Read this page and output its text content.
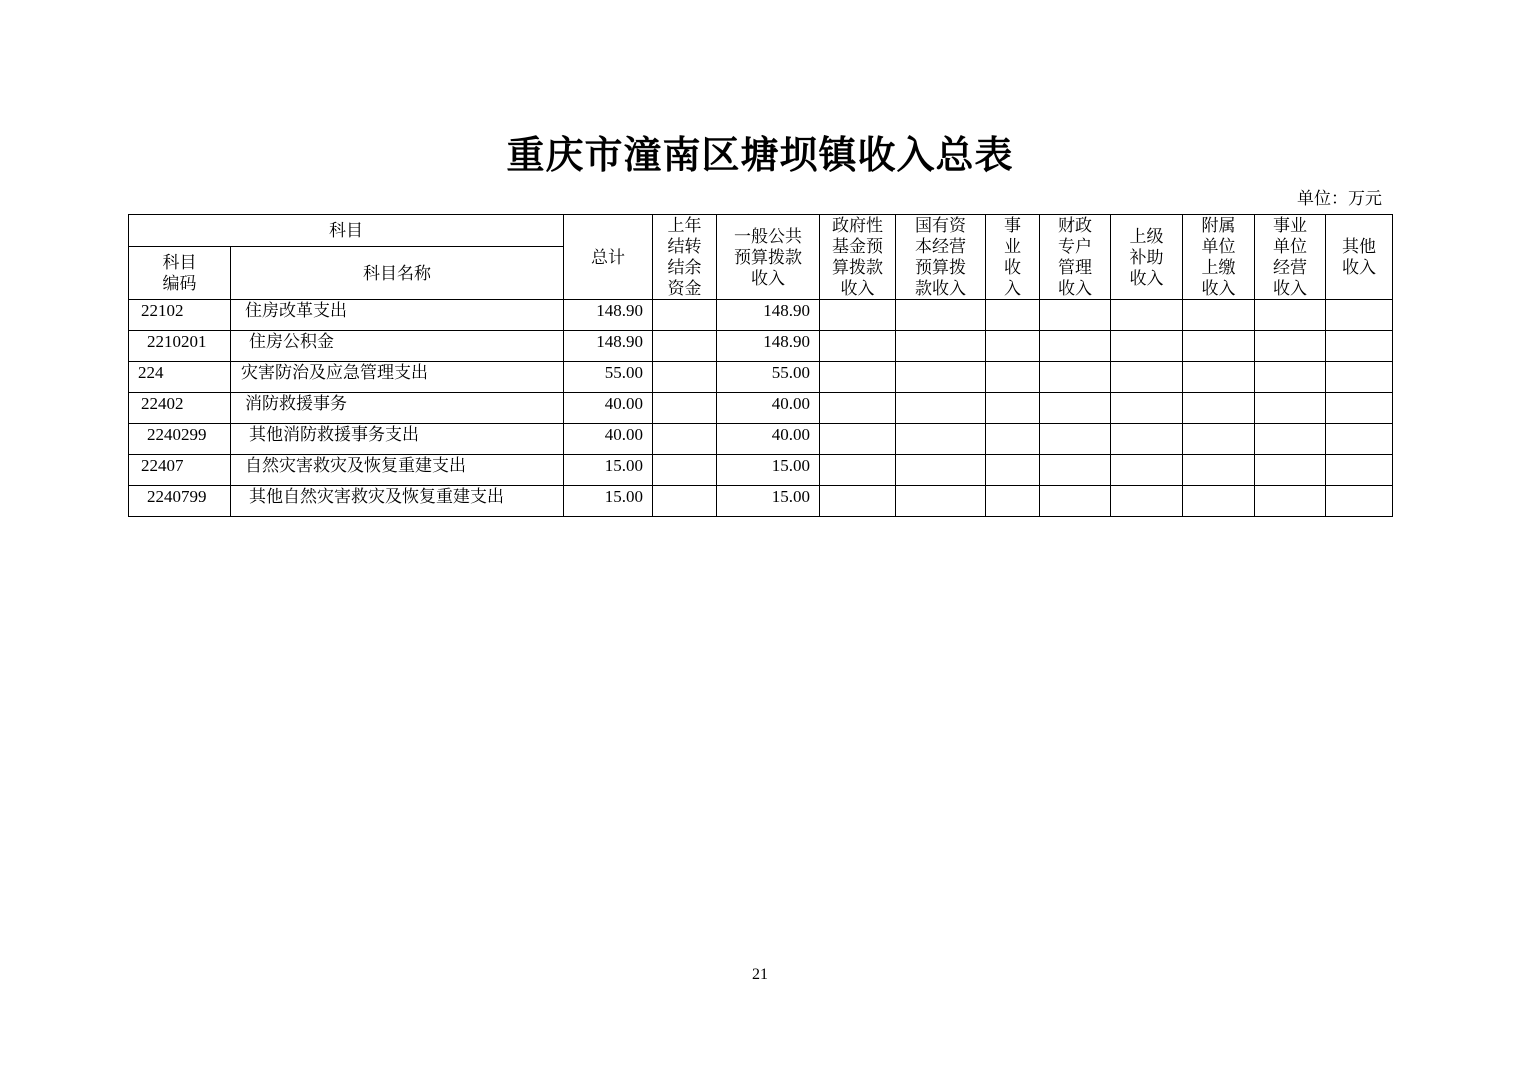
重庆市潼南区塘坝镇收入总表
单位：万元
科目		总计	上年
结转
结余
资金	一般公共
预算拨款
收入	政府性
基金预
算拨款
收入	国有资
本经营
预算拨
款收入	事
业
收
入	财政
专户
管理
收入	上级
补助
收入	附属
单位
上缴
收入	事业
单位
经营
收入	其他
收入
科目
编码	科目名称											
22102	住房改革支出	148.90		148.90								
2210201	住房公积金	148.90		148.90								
224	灾害防治及应急管理支出	55.00		55.00								
22402	消防救援事务	40.00		40.00								
2240299	其他消防救援事务支出	40.00		40.00								
22407	自然灾害救灾及恢复重建支出	15.00		15.00								
2240799	其他自然灾害救灾及恢复重建支出	15.00		15.00								
21
